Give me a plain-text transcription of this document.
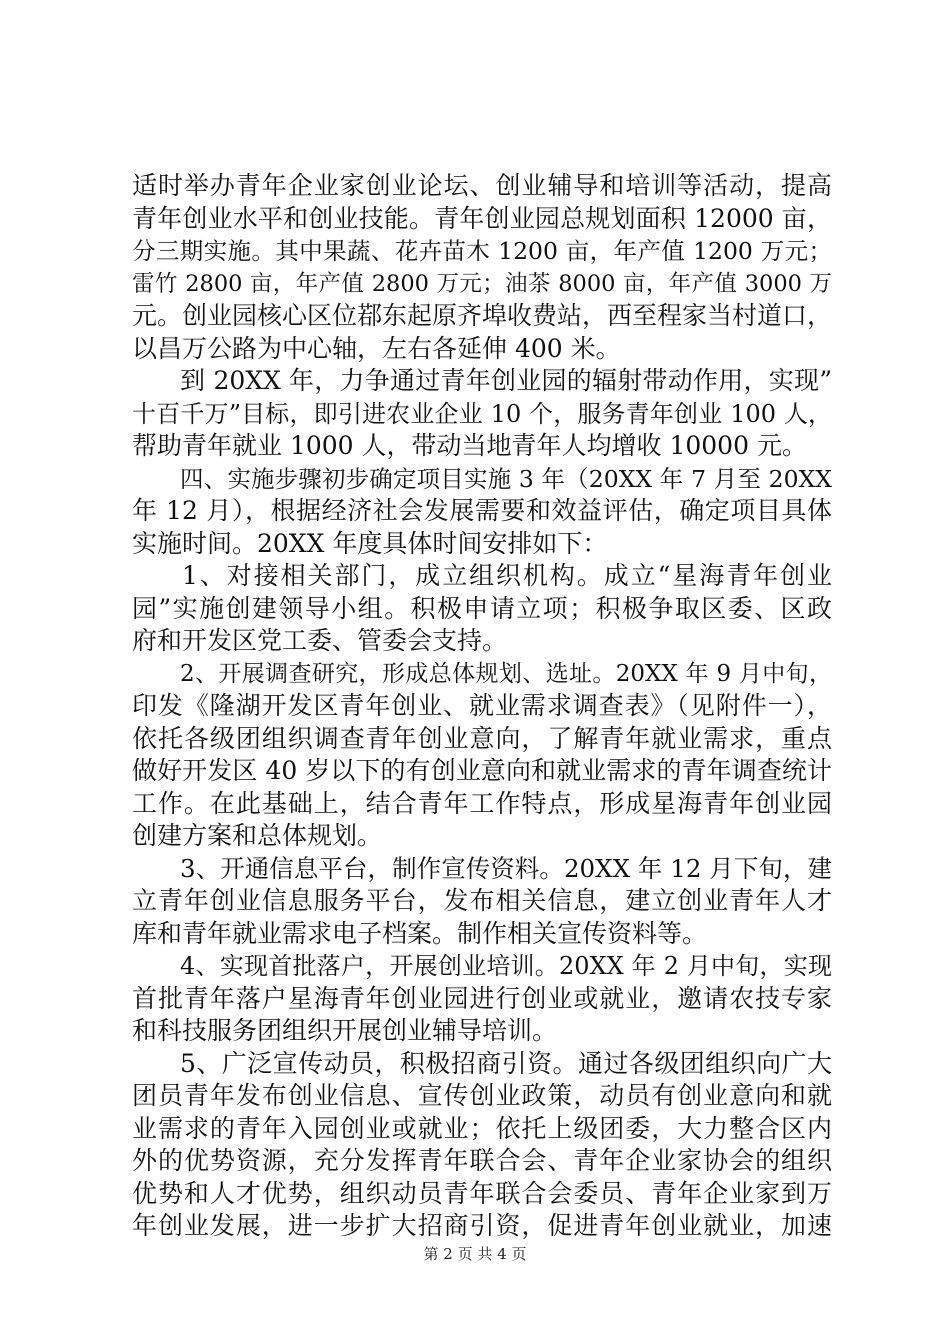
适时举办青年企业家创业论坛、创业辅导和培训等活动，提高
青年创业水平和创业技能。青年创业园总规划面积 12000 亩，
分三期实施。其中果蔬、花卉苗木 1200 亩，年产值 1200 万元；
雷竹 2800 亩，年产值 2800 万元；油茶 8000 亩，年产值 3000 万
元。创业园核心区位鄀东起原齐埠收费站，西至程家当村道口，
以昌万公路为中心轴，左右各延伸 400 米。
到 20XX 年，力争通过青年创业园的辐射带动作用，实现”
十百千万”目标，即引进农业企业 10 个，服务青年创业 100 人，
帮助青年就业 1000 人，带动当地青年人均增收 10000 元。
四、实施步骤初步确定项目实施 3 年（20XX 年 7 月至 20XX
年 12 月），根据经济社会发展需要和效益评估，确定项目具体
实施时间。20XX 年度具体时间安排如下：
1、对接相关部门，成立组织机构。成立“星海青年创业
园”实施创建领导小组。积极申请立项；积极争取区委、区政
府和开发区党工委、管委会支持。
2、开展调查研究，形成总体规划、选址。20XX 年 9 月中旬，
印发《隆湖开发区青年创业、就业需求调查表》（见附件一），
依托各级团组织调查青年创业意向，了解青年就业需求，重点
做好开发区 40 岁以下的有创业意向和就业需求的青年调查统计
工作。在此基础上，结合青年工作特点，形成星海青年创业园
创建方案和总体规划。
3、开通信息平台，制作宣传资料。20XX 年 12 月下旬，建
立青年创业信息服务平台，发布相关信息，建立创业青年人才
库和青年就业需求电子档案。制作相关宣传资料等。
4、实现首批落户，开展创业培训。20XX 年 2 月中旬，实现
首批青年落户星海青年创业园进行创业或就业，邀请农技专家
和科技服务团组织开展创业辅导培训。
5、广泛宣传动员，积极招商引资。通过各级团组织向广大
团员青年发布创业信息、宣传创业政策，动员有创业意向和就
业需求的青年入园创业或就业；依托上级团委，大力整合区内
外的优势资源，充分发挥青年联合会、青年企业家协会的组织
优势和人才优势，组织动员青年联合会委员、青年企业家到万
年创业发展，进一步扩大招商引资，促进青年创业就业，加速
第 2 页 共 4 页
